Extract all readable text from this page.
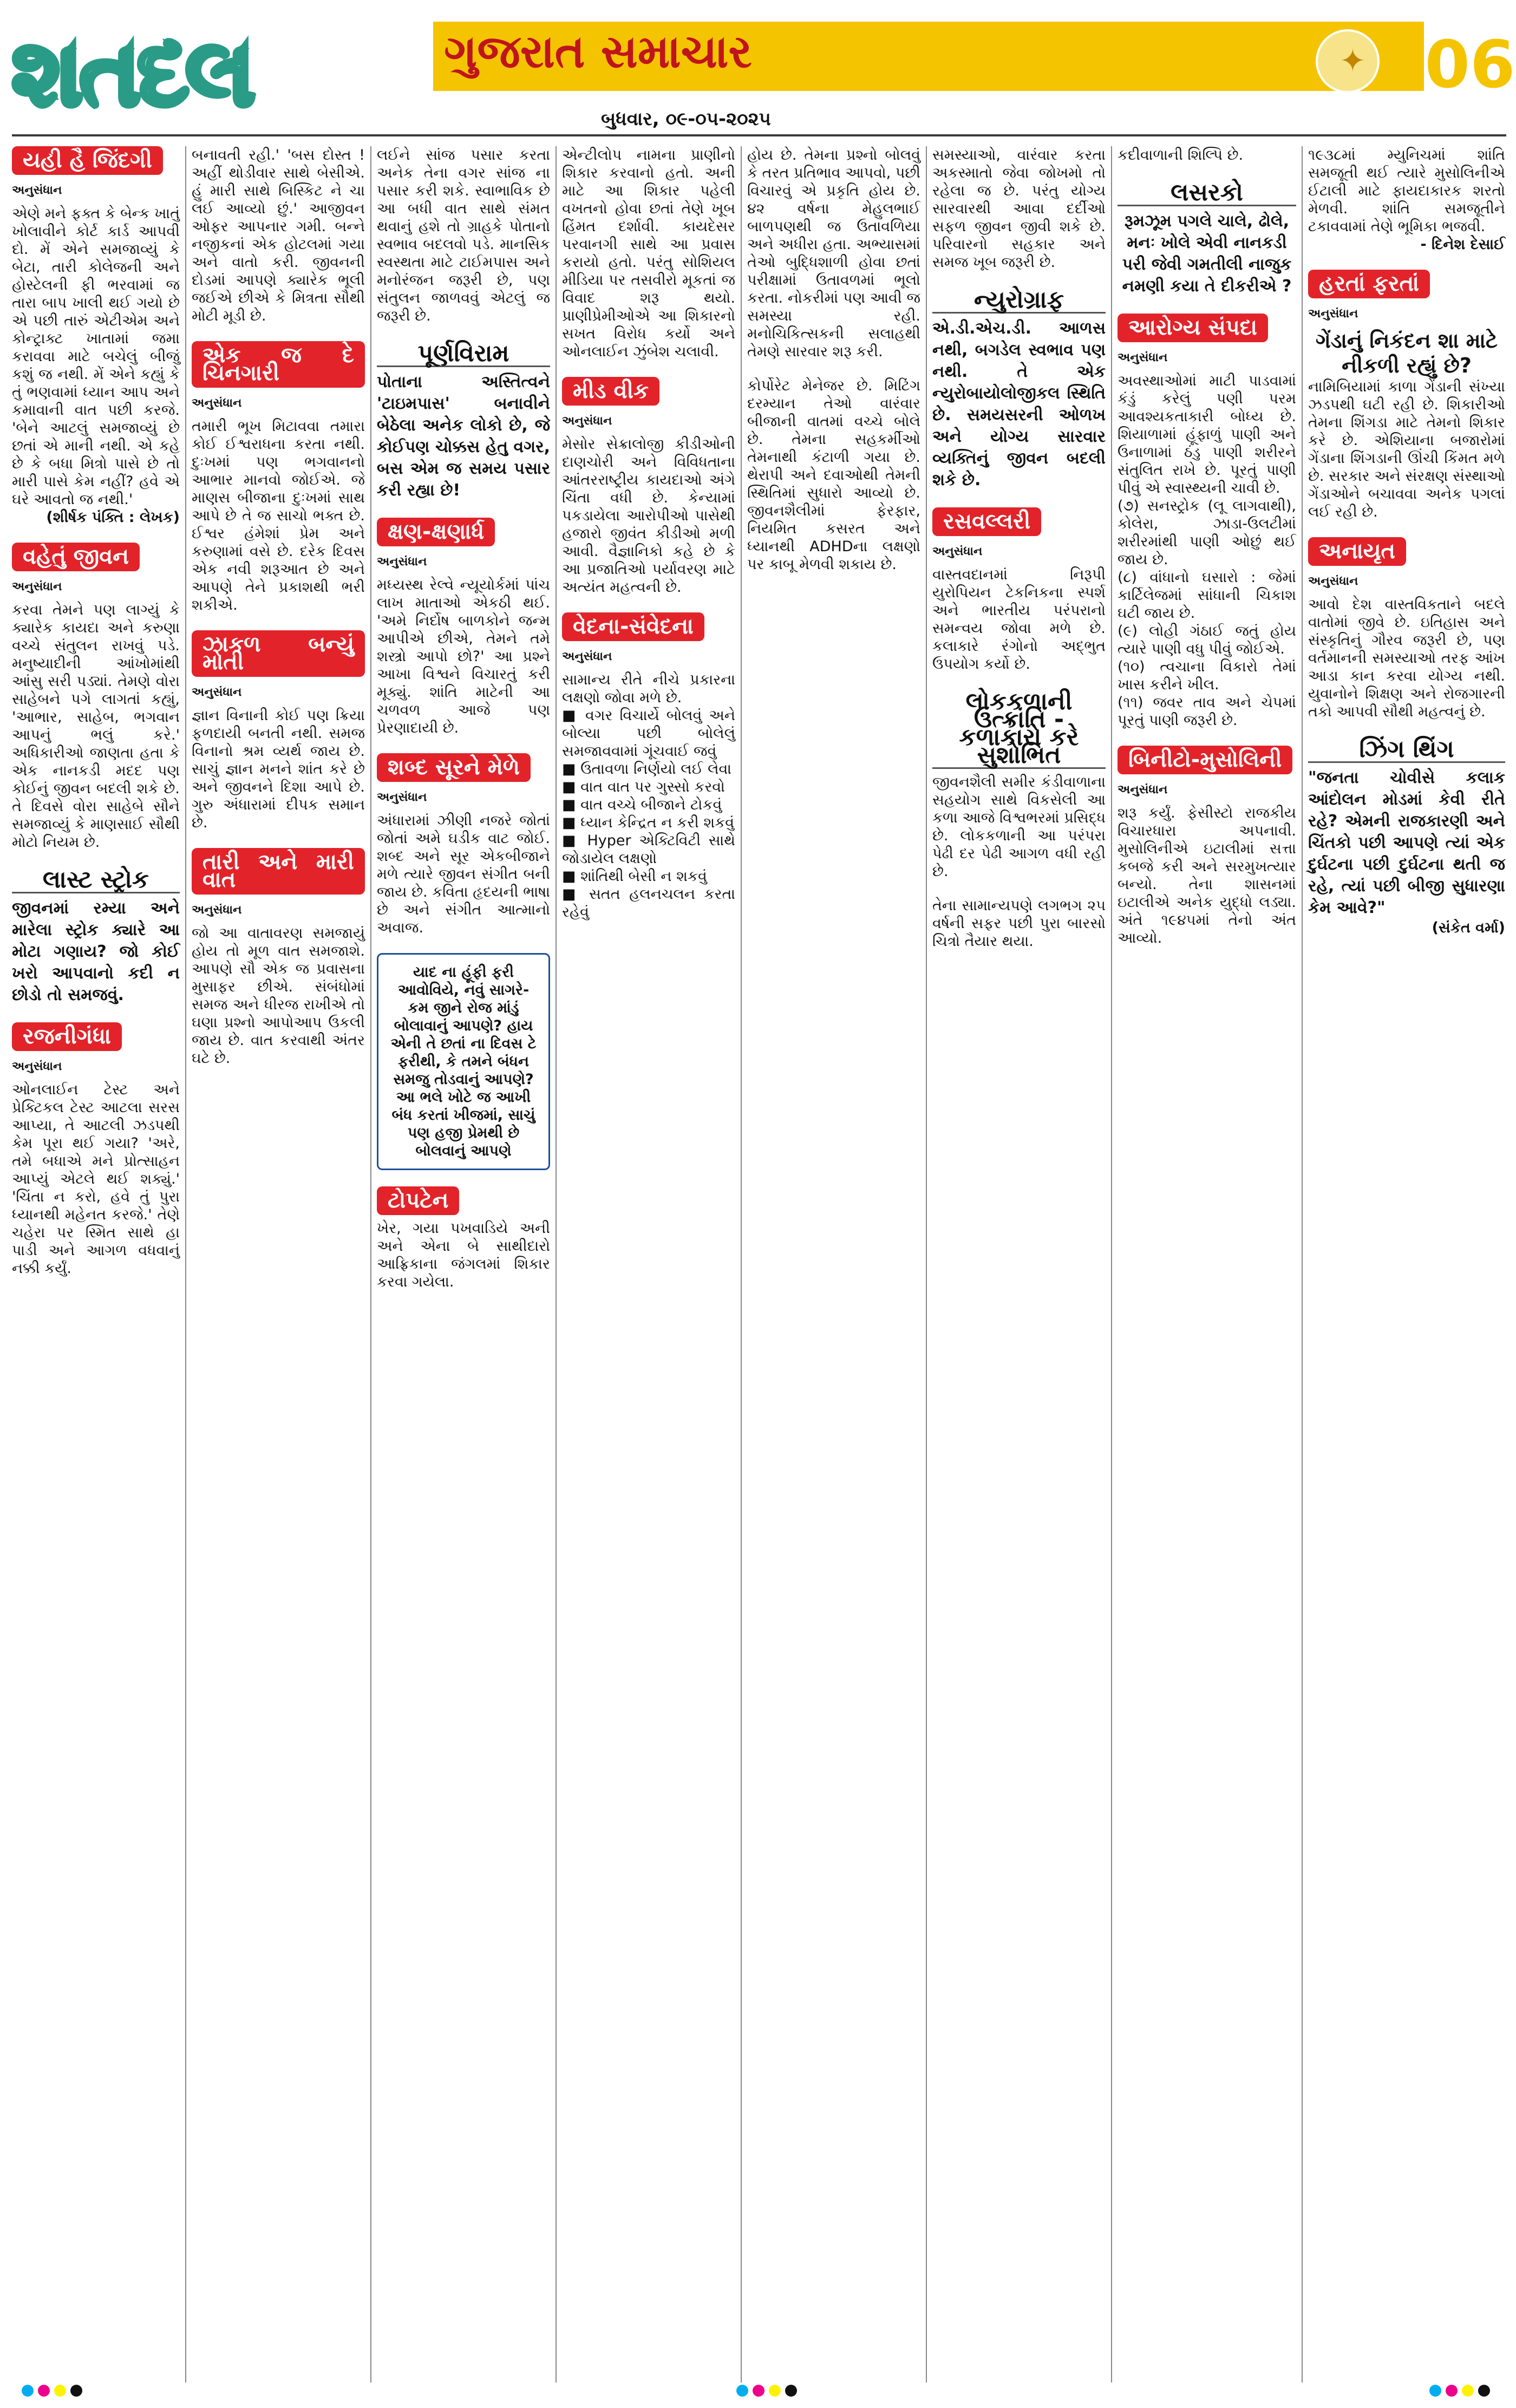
શતદલ	ગુજરાત સમાચાર	✦
બુધવાર, ૦૯-૦૫-૨૦૨૫
06
યહી હૈ જિંદગી
અનુસંધાન
એણે મને ફક્ત કે બેન્ક ખાતું ખોલાવીને કોર્ટ કાર્ડ આપવી દો. મેં એને સમજાવ્યું કે બેટા, તારી કોલેજની અને હોસ્ટેલની ફી ભરવામાં જ તારા બાપ ખાલી થઈ ગયો છે એ પછી તારું એટીએમ અને કોન્ટ્રાક્ટ ખાતામાં જમા કરાવવા માટે બચેલું બીજું કશું જ નથી. મેં એને કહ્યું કે તું ભણવામાં ધ્યાન આપ અને કમાવાની વાત પછી કરજે. 'બેને આટલું સમજાવ્યું છે છતાં એ માની નથી. એ કહે છે કે બધા મિત્રો પાસે છે તો મારી પાસે કેમ નહીં? હવે એ ઘરે આવતો જ નથી.'
(શીર્ષક પંક્તિ : લેખક)
વહેતું જીવન
અનુસંધાન
કરવા તેમને પણ લાગ્યું કે ક્યારેક કાયદા અને કરુણા વચ્ચે સંતુલન રાખવું પડે. મનુષ્યાદીની આંખોમાંથી આંસુ સરી પડ્યાં. તેમણે વોરા સાહેબને પગે લાગતાં કહ્યું, 'આભાર, સાહેબ, ભગવાન આપનું ભલું કરે.' અધિકારીઓ જાણતા હતા કે એક નાનકડી મદદ પણ કોઈનું જીવન બદલી શકે છે. તે દિવસે વોરા સાહેબે સૌને સમજાવ્યું કે માણસાઈ સૌથી મોટો નિયમ છે.
લાસ્ટ સ્ટ્રોક
જીવનમાં રમ્યા અને મારેલા સ્ટ્રોક ક્યારે આ મોટા ગણાય? જો કોઈ ખરો આપવાનો કદી ન છોડો તો સમજવું.
રજનીગંધા
અનુસંધાન
ઓનલાઈન ટેસ્ટ અને પ્રેક્ટિકલ ટેસ્ટ આટલા સરસ આપ્યા, તે આટલી ઝડપથી કેમ પૂરા થઈ ગયા? 'અરે, તમે બધાએ મને પ્રોત્સાહન આપ્યું એટલે થઈ શક્યું.' 'ચિંતા ન કરો, હવે તું પુરા ધ્યાનથી મહેનત કરજે.' તેણે ચહેરા પર સ્મિત સાથે હા પાડી અને આગળ વધવાનું નક્કી કર્યું.
બનાવતી રહી.' 'બસ દોસ્ત ! અહીં થોડીવાર સાથે બેસીએ. હું મારી સાથે બિસ્કિટ ને ચા લઈ આવ્યો છું.' આજીવન ઓફર આપનાર ગમી. બન્ને નજીકનાં એક હોટલમાં ગયા અને વાતો કરી. જીવનની દોડમાં આપણે ક્યારેક ભૂલી જઈએ છીએ કે મિત્રતા સૌથી મોટી મૂડી છે.
એક જ દે ચિનગારી
અનુસંધાન
તમારી ભૂખ મિટાવવા તમારા કોઈ ઈશ્વરાધના કરતા નથી. દુઃખમાં પણ ભગવાનનો આભાર માનવો જોઈએ. જે માણસ બીજાના દુઃખમાં સાથ આપે છે તે જ સાચો ભક્ત છે. ઈશ્વર હંમેશાં પ્રેમ અને કરુણામાં વસે છે. દરેક દિવસ એક નવી શરૂઆત છે અને આપણે તેને પ્રકાશથી ભરી શકીએ.
ઝાકળ બન્યું મોતી
અનુસંધાન
જ્ઞાન વિનાની કોઈ પણ ક્રિયા ફળદાયી બનતી નથી. સમજ વિનાનો શ્રમ વ્યર્થ જાય છે. સાચું જ્ઞાન મનને શાંત કરે છે અને જીવનને દિશા આપે છે. ગુરુ અંધારામાં દીપક સમાન છે.
તારી અને મારી વાત
અનુસંધાન
જો આ વાતાવરણ સમજાયું હોય તો મૂળ વાત સમજાશે. આપણે સૌ એક જ પ્રવાસના મુસાફર છીએ. સંબંધોમાં સમજ અને ધીરજ રાખીએ તો ઘણા પ્રશ્નો આપોઆપ ઉકલી જાય છે. વાત કરવાથી અંતર ઘટે છે.
લઈને સાંજ પસાર કરતા અનેક તેના વગર સાંજ ના પસાર કરી શકે. સ્વાભાવિક છે આ બધી વાત સાથે સંમત થવાનું હશે તો ગ્રાહકે પોતાનો સ્વભાવ બદલવો પડે. માનસિક સ્વસ્થતા માટે ટાઈમપાસ અને મનોરંજન જરૂરી છે, પણ સંતુલન જાળવવું એટલું જ જરૂરી છે.
પૂર્ણવિરામ
પોતાના અસ્તિત્વને 'ટાઇમપાસ' બનાવીને બેઠેલા અનેક લોકો છે, જે કોઈપણ ચોક્કસ હેતુ વગર, બસ એમ જ સમય પસાર કરી રહ્યા છે!
ક્ષણ-ક્ષણાર્ધ
અનુસંધાન
મધ્યસ્થ રેલ્વે ન્યૂયોર્કમાં પાંચ લાખ માતાઓ એકઠી થઈ. 'અમે નિર્દોષ બાળકોને જન્મ આપીએ છીએ, તેમને તમે શસ્ત્રો આપો છો?' આ પ્રશ્ને આખા વિશ્વને વિચારતું કરી મૂક્યું. શાંતિ માટેની આ ચળવળ આજે પણ પ્રેરણાદાયી છે.
શબ્દ સૂરને મેળે
અનુસંધાન
અંધારામાં ઝીણી નજરે જોતાં જોતાં અમે ઘડીક વાટ જોઈ. શબ્દ અને સૂર એકબીજાને મળે ત્યારે જીવન સંગીત બની જાય છે. કવિતા હૃદયની ભાષા છે અને સંગીત આત્માનો અવાજ.
યાદ ના હૂંફી ફરી આવોવિયે, નવું સાગરે- કમ જીને રોજ માંડું બોલાવાનું આપણે? હાય એની તે છતાં ના દિવસ ટે ફરીથી, કે તમને બંધન સમજુ તોડવાનું આપણે? આ ભલે ખોટે જ આખી બંધ કરતાં ખીજમાં, સાચું પણ હજી પ્રેમથી છે બોલવાનું આપણે
ટોપટેન
ખેર, ગયા પખવાડિયે અની અને એના બે સાથીદારો આફ્રિકાના જંગલમાં શિકાર કરવા ગયેલા.
એન્ટીલોપ નામના પ્રાણીનો શિકાર કરવાનો હતો. અની માટે આ શિકાર પહેલી વખતનો હોવા છતાં તેણે ખૂબ હિંમત દર્શાવી. કાયદેસર પરવાનગી સાથે આ પ્રવાસ કરાયો હતો. પરંતુ સોશિયલ મીડિયા પર તસવીરો મૂકતાં જ વિવાદ શરૂ થયો. પ્રાણીપ્રેમીઓએ આ શિકારનો સખત વિરોધ કર્યો અને ઓનલાઈન ઝુંબેશ ચલાવી.
મીડ વીક
અનુસંધાન
મેસોર સેક્રાલોજી કીડીઓની દાણચોરી અને વિવિધતાના આંતરરાષ્ટ્રીય કાયદાઓ અંગે ચિંતા વધી છે. કેન્યામાં પકડાયેલા આરોપીઓ પાસેથી હજારો જીવંત કીડીઓ મળી આવી. વૈજ્ઞાનિકો કહે છે કે આ પ્રજાતિઓ પર્યાવરણ માટે અત્યંત મહત્વની છે.
વેદના-સંવેદના
અનુસંધાન
સામાન્ય રીતે નીચે પ્રકારના લક્ષણો જોવા મળે છે.
■ વગર વિચાર્યે બોલવું અને બોલ્યા પછી બોલેલું સમજાવવામાં ગૂંચવાઈ જવું
■ ઉતાવળા નિર્ણયો લઈ લેવા
■ વાત વાત પર ગુસ્સો કરવો
■ વાત વચ્ચે બીજાને ટોકવું
■ ધ્યાન કેન્દ્રિત ન કરી શકવું
■ Hyper એક્ટિવિટી સાથે જોડાયેલ લક્ષણો
■ શાંતિથી બેસી ન શકવું
■ સતત હલનચલન કરતા રહેવું
હોય છે. તેમના પ્રશ્નો બોલવું કે તરત પ્રતિભાવ આપવો, પછી વિચારવું એ પ્રકૃતિ હોય છે. ૪૨ વર્ષના મેહુલભાઈ બાળપણથી જ ઉતાવળિયા અને અધીરા હતા. અભ્યાસમાં તેઓ બુદ્ધિશાળી હોવા છતાં પરીક્ષામાં ઉતાવળમાં ભૂલો કરતા. નોકરીમાં પણ આવી જ સમસ્યા રહી. મનોચિકિત્સકની સલાહથી તેમણે સારવાર શરૂ કરી.
કોર્પોરેટ મેનેજર છે. મિટિંગ દરમ્યાન તેઓ વારંવાર બીજાની વાતમાં વચ્ચે બોલે છે. તેમના સહકર્મીઓ તેમનાથી કંટાળી ગયા છે. થેરાપી અને દવાઓથી તેમની સ્થિતિમાં સુધારો આવ્યો છે. જીવનશૈલીમાં ફેરફાર, નિયમિત કસરત અને ધ્યાનથી ADHDના લક્ષણો પર કાબૂ મેળવી શકાય છે.
સમસ્યાઓ, વારંવાર કરતા અકસ્માતો જેવા જોખમો તો રહેલા જ છે. પરંતુ યોગ્ય સારવારથી આવા દર્દીઓ સફળ જીવન જીવી શકે છે. પરિવારનો સહકાર અને સમજ ખૂબ જરૂરી છે.
ન્યુરોગ્રાફ
એ.ડી.એચ.ડી. આળસ નથી, બગડેલ સ્વભાવ પણ નથી. તે એક ન્યુરોબાયોલોજીકલ સ્થિતિ છે. સમયસરની ઓળખ અને યોગ્ય સારવાર વ્યક્તિનું જીવન બદલી શકે છે.
રસવલ્લરી
અનુસંધાન
વાસ્તવદાનમાં નિરૂપી યુરોપિયન ટેકનિકના સ્પર્શ અને ભારતીય પરંપરાનો સમન્વય જોવા મળે છે. કલાકારે રંગોનો અદ્ભુત ઉપયોગ કર્યો છે.
લોકકળાની ઉત્ક્રાંતિ - કળાકારો કરે સુશોભિત
જીવનશૈલી સમીર કંડીવાળાના સહયોગ સાથે વિકસેલી આ કળા આજે વિશ્વભરમાં પ્રસિદ્ધ છે. લોકકળાની આ પરંપરા પેઢી દર પેઢી આગળ વધી રહી છે.
તેના સામાન્યપણે લગભગ ૨૫ વર્ષની સફર પછી પુરા બારસો ચિત્રો તૈયાર થયા.
કદીવાળાની શિલ્પિ છે.
લસરકો
રૂમઝૂમ પગલે ચાલે, ઢોલે, મનઃ ખોલે એવી નાનકડી પરી જેવી ગમતીલી નાજુક નમણી કયા તે દીકરીએ ?
આરોગ્ય સંપદા
અનુસંધાન
અવસ્થાઓમાં માટી પાડવામાં કંડું કરેલું પણી પરમ આવશ્યકતાકારી બોધ્ય છે. શિયાળામાં હૂંફાળું પાણી અને ઉનાળામાં ઠંડુ પાણી શરીરને સંતુલિત રાખે છે. પૂરતું પાણી પીવું એ સ્વાસ્થ્યની ચાવી છે.
(૭) સનસ્ટ્રોક (લૂ લાગવાથી), કોલેરા, ઝાડા-ઉલટીમાં શરીરમાંથી પાણી ઓછું થઈ જાય છે.
(૮) વાંધાનો ઘસારો : જેમાં કાર્ટિલેજમાં સાંધાની ચિકાશ ઘટી જાય છે.
(૯) લોહી ગંઠાઈ જતું હોય ત્યારે પાણી વધુ પીવું જોઈએ.
(૧૦) ત્વચાના વિકારો તેમાં ખાસ કરીને ખીલ.
(૧૧) જવર તાવ અને ચેપમાં પૂરતું પાણી જરૂરી છે.
બિનીટો-મુસોલિની
અનુસંધાન
શરૂ કર્યું. ફેસીસ્ટો રાજકીય વિચારધારા અપનાવી. મુસોલિનીએ ઇટાલીમાં સત્તા કબજે કરી અને સરમુખત્યાર બન્યો. તેના શાસનમાં ઇટાલીએ અનેક યુદ્ધો લડ્યા. અંતે ૧૯૪૫માં તેનો અંત આવ્યો.
૧૯૩૮માં મ્યુનિચમાં શાંતિ સમજૂતી થઈ ત્યારે મુસોલિનીએ ઈટાલી માટે ફાયદાકારક શરતો મેળવી. શાંતિ સમજૂતીને ટકાવવામાં તેણે ભૂમિકા ભજવી.
- દિનેશ દેસાઈ
હરતાં ફરતાં
અનુસંધાન
ગેંડાનું નિકંદન શા માટે નીકળી રહ્યું છે?
નામિબિયામાં કાળા ગેંડાની સંખ્યા ઝડપથી ઘટી રહી છે. શિકારીઓ તેમના શિંગડા માટે તેમનો શિકાર કરે છે. એશિયાના બજારોમાં ગેંડાના શિંગડાની ઊંચી કિંમત મળે છે. સરકાર અને સંરક્ષણ સંસ્થાઓ ગેંડાઓને બચાવવા અનેક પગલાં લઈ રહી છે.
અનાયૃત
અનુસંધાન
આવો દેશ વાસ્તવિકતાને બદલે વાતોમાં જીવે છે. ઇતિહાસ અને સંસ્કૃતિનું ગૌરવ જરૂરી છે, પણ વર્તમાનની સમસ્યાઓ તરફ આંખ આડા કાન કરવા યોગ્ય નથી. યુવાનોને શિક્ષણ અને રોજગારની તકો આપવી સૌથી મહત્વનું છે.
ઝિંગ થિંગ
"જનતા ચોવીસે કલાક આંદોલન મોડમાં કેવી રીતે રહે? એમની રાજકારણી અને ચિંતકો પછી આપણે ત્યાં એક દુર્ઘટના પછી દુર્ઘટના થતી જ રહે, ત્યાં પછી બીજી સુધારણા કેમ આવે?"
(સંકેત વર્મા)
